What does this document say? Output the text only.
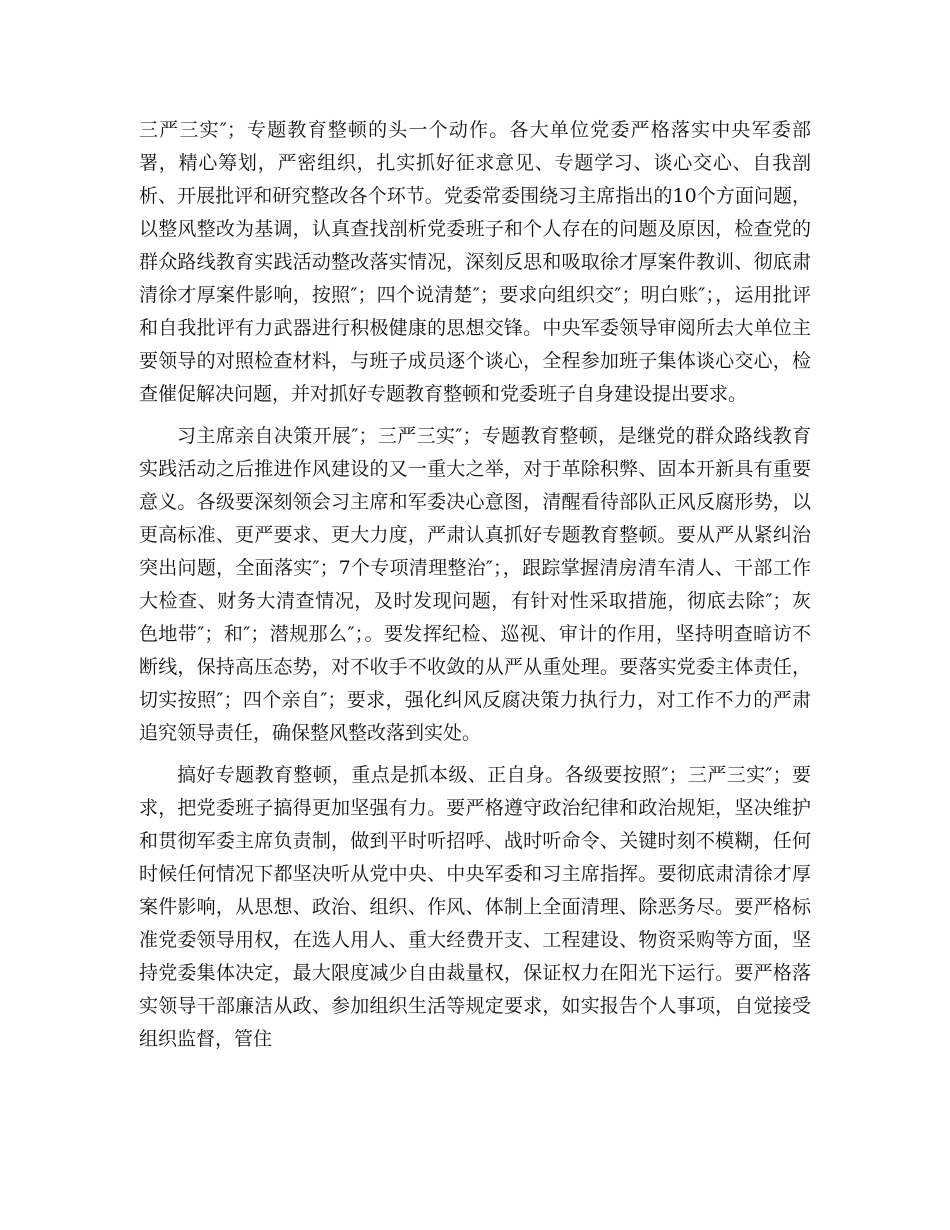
三严三实″；专题教育整顿的头一个动作。各大单位党委严格落实中央军委部署，精心筹划，严密组织，扎实抓好征求意见、专题学习、谈心交心、自我剖析、开展批评和研究整改各个环节。党委常委围绕习主席指出的10个方面问题，以整风整改为基调，认真查找剖析党委班子和个人存在的问题及原因，检查党的群众路线教育实践活动整改落实情况，深刻反思和吸取徐才厚案件教训、彻底肃清徐才厚案件影响，按照″；四个说清楚″；要求向组织交″；明白账″；，运用批评和自我批评有力武器进行积极健康的思想交锋。中央军委领导审阅所去大单位主要领导的对照检查材料，与班子成员逐个谈心，全程参加班子集体谈心交心，检查催促解决问题，并对抓好专题教育整顿和党委班子自身建设提出要求。

习主席亲自决策开展″；三严三实″；专题教育整顿，是继党的群众路线教育实践活动之后推进作风建设的又一重大之举，对于革除积弊、固本开新具有重要意义。各级要深刻领会习主席和军委决心意图，清醒看待部队正风反腐形势，以更高标准、更严要求、更大力度，严肃认真抓好专题教育整顿。要从严从紧纠治突出问题，全面落实″；7个专项清理整治″；，跟踪掌握清房清车清人、干部工作大检查、财务大清查情况，及时发现问题，有针对性采取措施，彻底去除″；灰色地带″；和″；潜规那么″；。要发挥纪检、巡视、审计的作用，坚持明查暗访不断线，保持高压态势，对不收手不收敛的从严从重处理。要落实党委主体责任，切实按照″；四个亲自″；要求，强化纠风反腐决策力执行力，对工作不力的严肃追究领导责任，确保整风整改落到实处。

搞好专题教育整顿，重点是抓本级、正自身。各级要按照″；三严三实″；要求，把党委班子搞得更加坚强有力。要严格遵守政治纪律和政治规矩，坚决维护和贯彻军委主席负责制，做到平时听招呼、战时听命令、关键时刻不模糊，任何时候任何情况下都坚决听从党中央、中央军委和习主席指挥。要彻底肃清徐才厚案件影响，从思想、政治、组织、作风、体制上全面清理、除恶务尽。要严格标准党委领导用权，在选人用人、重大经费开支、工程建设、物资采购等方面，坚持党委集体决定，最大限度减少自由裁量权，保证权力在阳光下运行。要严格落实领导干部廉洁从政、参加组织生活等规定要求，如实报告个人事项，自觉接受组织监督，管住
